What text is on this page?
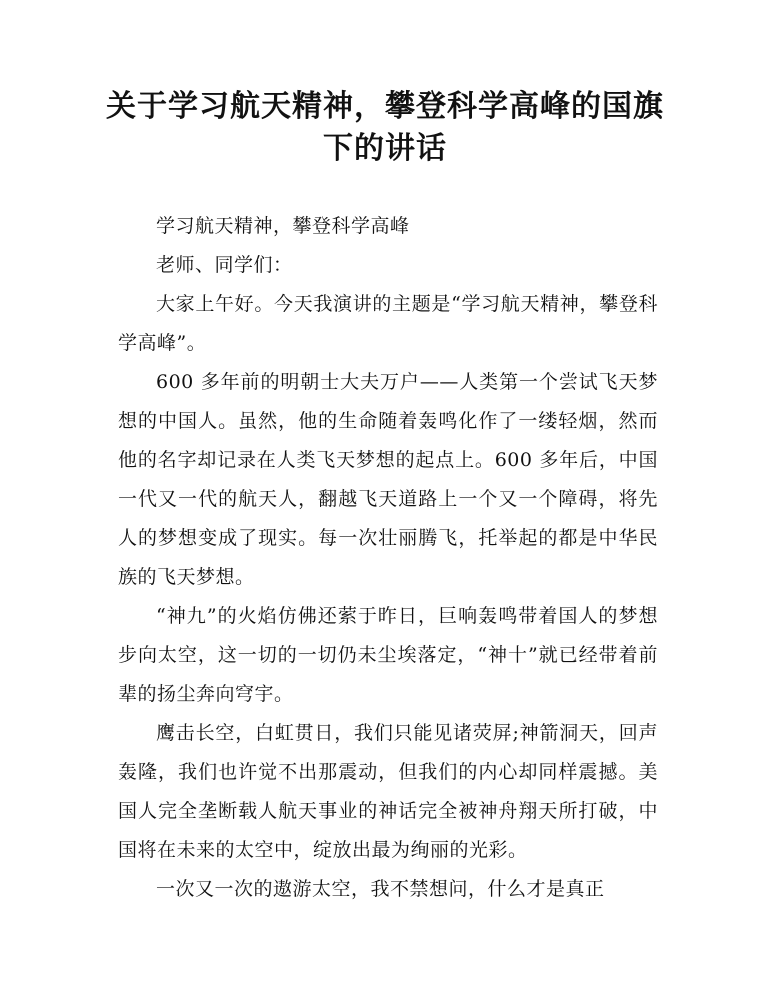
关于学习航天精神，攀登科学高峰的国旗下的讲话

学习航天精神，攀登科学高峰

老师、同学们：

大家上午好。今天我演讲的主题是“学习航天精神，攀登科学高峰”。

600 多年前的明朝士大夫万户——人类第一个尝试飞天梦想的中国人。虽然，他的生命随着轰鸣化作了一缕轻烟，然而他的名字却记录在人类飞天梦想的起点上。600 多年后，中国一代又一代的航天人，翻越飞天道路上一个又一个障碍，将先人的梦想变成了现实。每一次壮丽腾飞，托举起的都是中华民族的飞天梦想。

“神九”的火焰仿佛还萦于昨日，巨响轰鸣带着国人的梦想步向太空，这一切的一切仍未尘埃落定，“神十”就已经带着前辈的扬尘奔向穹宇。

鹰击长空，白虹贯日，我们只能见诸荧屏;神箭洞天，回声轰隆，我们也许觉不出那震动，但我们的内心却同样震撼。美国人完全垄断载人航天事业的神话完全被神舟翔天所打破，中国将在未来的太空中，绽放出最为绚丽的光彩。

一次又一次的遨游太空，我不禁想问，什么才是真正
